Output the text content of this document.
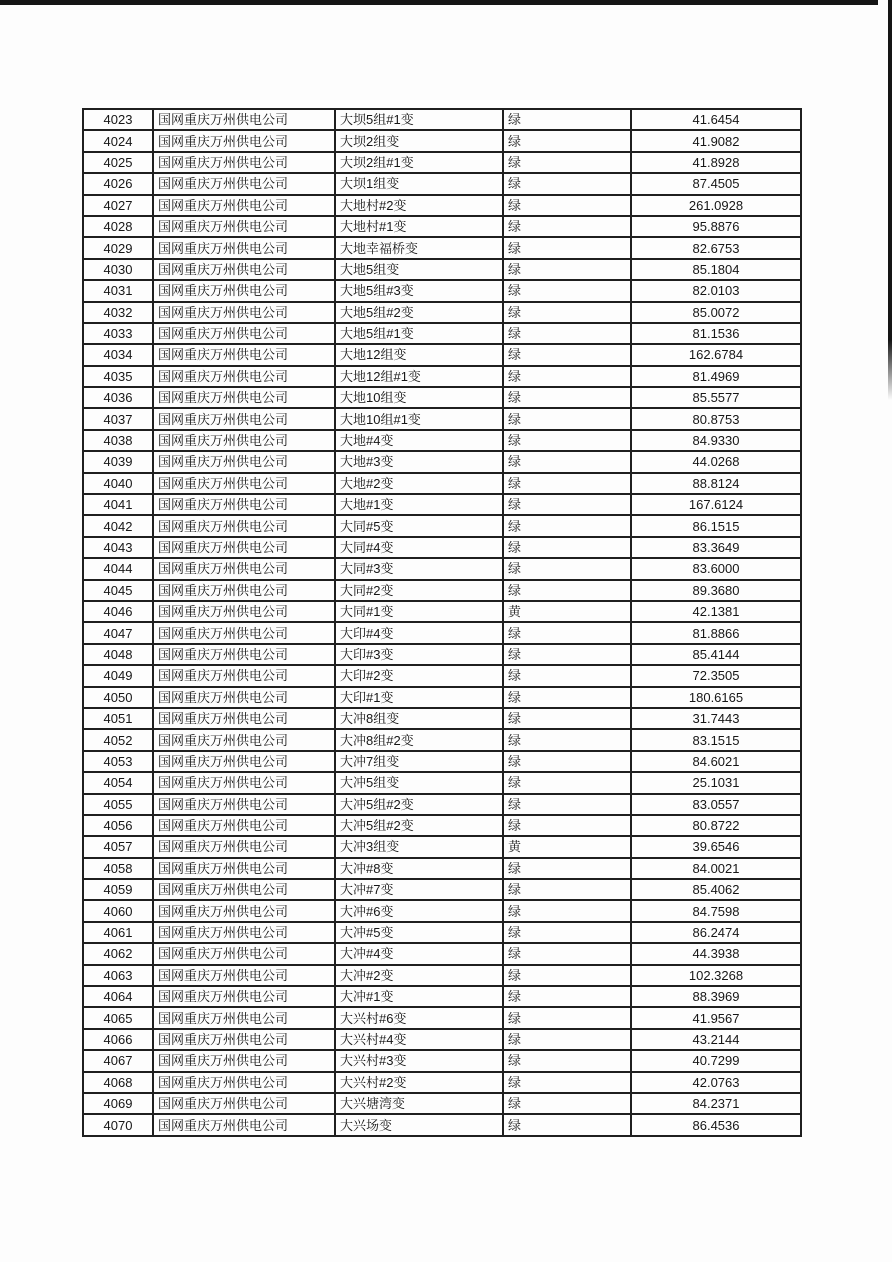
4023	国网重庆万州供电公司	大坝5组#1变	绿	41.6454
4024	国网重庆万州供电公司	大坝2组变	绿	41.9082
4025	国网重庆万州供电公司	大坝2组#1变	绿	41.8928
4026	国网重庆万州供电公司	大坝1组变	绿	87.4505
4027	国网重庆万州供电公司	大地村#2变	绿	261.0928
4028	国网重庆万州供电公司	大地村#1变	绿	95.8876
4029	国网重庆万州供电公司	大地幸福桥变	绿	82.6753
4030	国网重庆万州供电公司	大地5组变	绿	85.1804
4031	国网重庆万州供电公司	大地5组#3变	绿	82.0103
4032	国网重庆万州供电公司	大地5组#2变	绿	85.0072
4033	国网重庆万州供电公司	大地5组#1变	绿	81.1536
4034	国网重庆万州供电公司	大地12组变	绿	162.6784
4035	国网重庆万州供电公司	大地12组#1变	绿	81.4969
4036	国网重庆万州供电公司	大地10组变	绿	85.5577
4037	国网重庆万州供电公司	大地10组#1变	绿	80.8753
4038	国网重庆万州供电公司	大地#4变	绿	84.9330
4039	国网重庆万州供电公司	大地#3变	绿	44.0268
4040	国网重庆万州供电公司	大地#2变	绿	88.8124
4041	国网重庆万州供电公司	大地#1变	绿	167.6124
4042	国网重庆万州供电公司	大同#5变	绿	86.1515
4043	国网重庆万州供电公司	大同#4变	绿	83.3649
4044	国网重庆万州供电公司	大同#3变	绿	83.6000
4045	国网重庆万州供电公司	大同#2变	绿	89.3680
4046	国网重庆万州供电公司	大同#1变	黄	42.1381
4047	国网重庆万州供电公司	大印#4变	绿	81.8866
4048	国网重庆万州供电公司	大印#3变	绿	85.4144
4049	国网重庆万州供电公司	大印#2变	绿	72.3505
4050	国网重庆万州供电公司	大印#1变	绿	180.6165
4051	国网重庆万州供电公司	大冲8组变	绿	31.7443
4052	国网重庆万州供电公司	大冲8组#2变	绿	83.1515
4053	国网重庆万州供电公司	大冲7组变	绿	84.6021
4054	国网重庆万州供电公司	大冲5组变	绿	25.1031
4055	国网重庆万州供电公司	大冲5组#2变	绿	83.0557
4056	国网重庆万州供电公司	大冲5组#2变	绿	80.8722
4057	国网重庆万州供电公司	大冲3组变	黄	39.6546
4058	国网重庆万州供电公司	大冲#8变	绿	84.0021
4059	国网重庆万州供电公司	大冲#7变	绿	85.4062
4060	国网重庆万州供电公司	大冲#6变	绿	84.7598
4061	国网重庆万州供电公司	大冲#5变	绿	86.2474
4062	国网重庆万州供电公司	大冲#4变	绿	44.3938
4063	国网重庆万州供电公司	大冲#2变	绿	102.3268
4064	国网重庆万州供电公司	大冲#1变	绿	88.3969
4065	国网重庆万州供电公司	大兴村#6变	绿	41.9567
4066	国网重庆万州供电公司	大兴村#4变	绿	43.2144
4067	国网重庆万州供电公司	大兴村#3变	绿	40.7299
4068	国网重庆万州供电公司	大兴村#2变	绿	42.0763
4069	国网重庆万州供电公司	大兴塘湾变	绿	84.2371
4070	国网重庆万州供电公司	大兴场变	绿	86.4536
